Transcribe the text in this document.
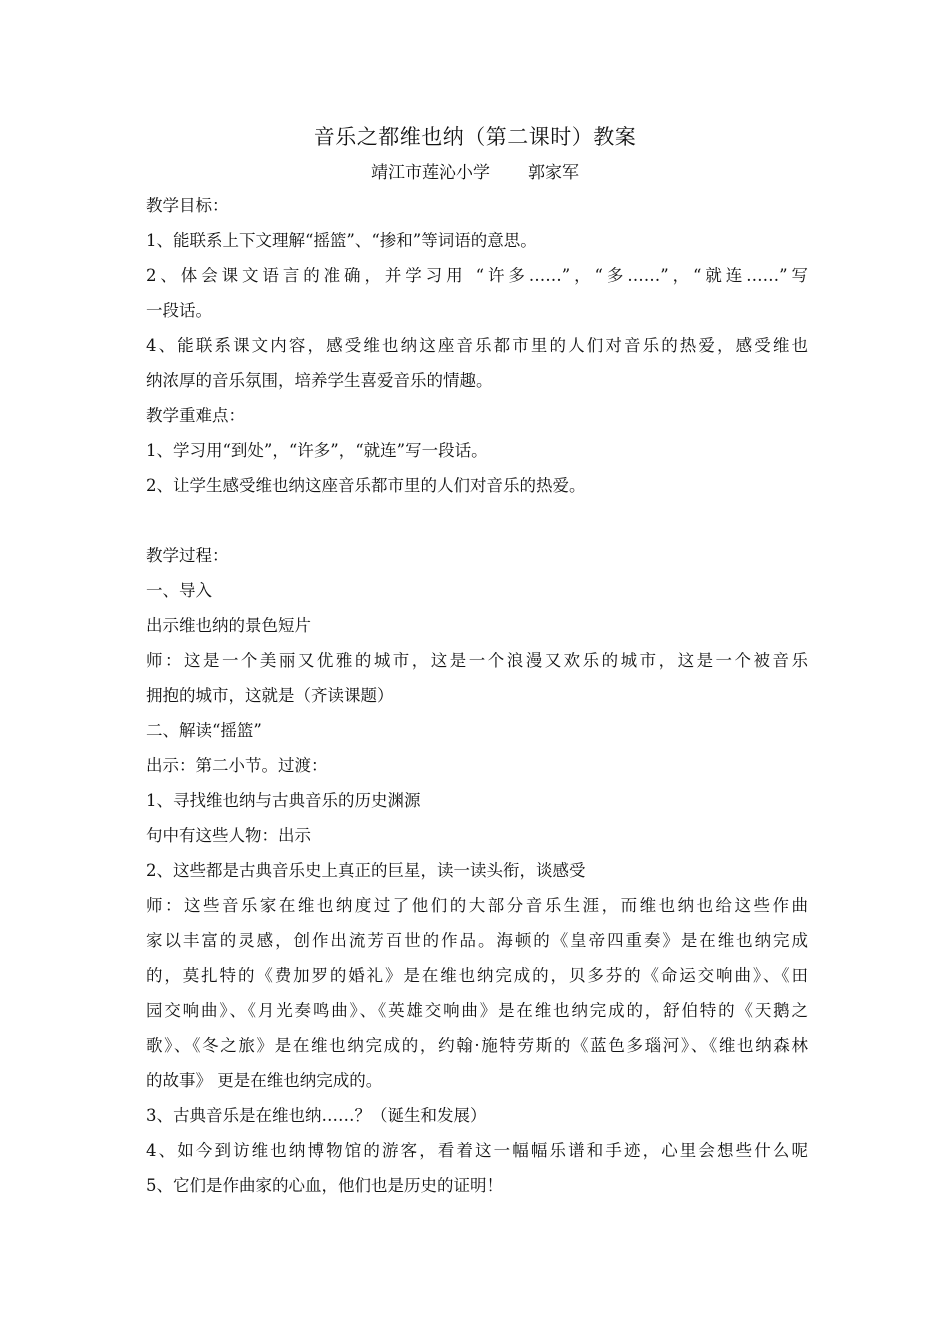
音乐之都维也纳（第二课时）教案
靖江市莲沁小学 郭家军
教学目标：
1、能联系上下文理解“摇篮”、“掺和”等词语的意思。
2、体会课文语言的准确，并学习用 “许多……”，“多……”，“就连……”写
一段话。
4、能联系课文内容，感受维也纳这座音乐都市里的人们对音乐的热爱，感受维也
纳浓厚的音乐氛围，培养学生喜爱音乐的情趣。
教学重难点：
1、学习用“到处”，“许多”，“就连”写一段话。
2、让学生感受维也纳这座音乐都市里的人们对音乐的热爱。
教学过程：
一、导入
出示维也纳的景色短片
师：这是一个美丽又优雅的城市，这是一个浪漫又欢乐的城市，这是一个被音乐
拥抱的城市，这就是（齐读课题）
二、解读“摇篮”
出示：第二小节。过渡：
1、寻找维也纳与古典音乐的历史渊源
句中有这些人物：出示
2、这些都是古典音乐史上真正的巨星，读一读头衔，谈感受
师：这些音乐家在维也纳度过了他们的大部分音乐生涯，而维也纳也给这些作曲
家以丰富的灵感，创作出流芳百世的作品。海顿的《皇帝四重奏》是在维也纳完成
的，莫扎特的《费加罗的婚礼》是在维也纳完成的，贝多芬的《命运交响曲》、《田
园交响曲》、《月光奏鸣曲》、《英雄交响曲》是在维也纳完成的，舒伯特的《天鹅之
歌》、《冬之旅》是在维也纳完成的，约翰·施特劳斯的《蓝色多瑙河》、《维也纳森林
的故事》 更是在维也纳完成的。
3、古典音乐是在维也纳……？（诞生和发展）
4、如今到访维也纳博物馆的游客，看着这一幅幅乐谱和手迹，心里会想些什么呢
5、它们是作曲家的心血，他们也是历史的证明！
